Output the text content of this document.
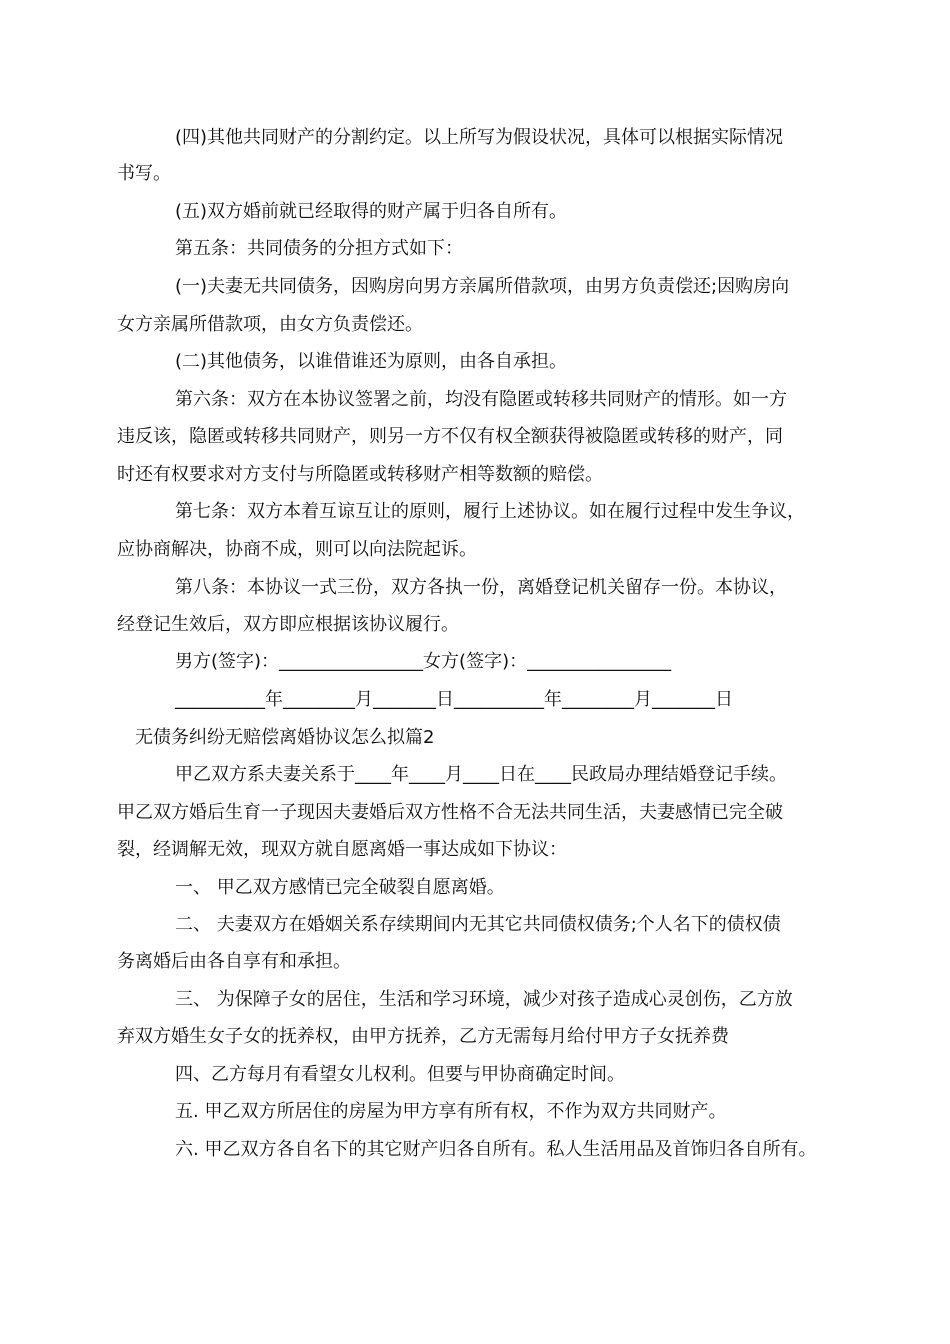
(四)其他共同财产的分割约定。以上所写为假设状况，具体可以根据实际情况
书写。
(五)双方婚前就已经取得的财产属于归各自所有。
第五条：共同债务的分担方式如下：
(一)夫妻无共同债务，因购房向男方亲属所借款项，由男方负责偿还;因购房向
女方亲属所借款项，由女方负责偿还。
(二)其他债务，以谁借谁还为原则，由各自承担。
第六条：双方在本协议签署之前，均没有隐匿或转移共同财产的情形。如一方
违反该，隐匿或转移共同财产，则另一方不仅有权全额获得被隐匿或转移的财产，同
时还有权要求对方支付与所隐匿或转移财产相等数额的赔偿。
第七条：双方本着互谅互让的原则，履行上述协议。如在履行过程中发生争议，
应协商解决，协商不成，则可以向法院起诉。
第八条：本协议一式三份，双方各执一份，离婚登记机关留存一份。本协议，
经登记生效后，双方即应根据该协议履行。
男方(签字)：________________女方(签字)：________________
__________年________月_______日__________年________月_______日
无债务纠纷无赔偿离婚协议怎么拟篇2
甲乙双方系夫妻关系于____年____月____日在____民政局办理结婚登记手续。
甲乙双方婚后生育一子现因夫妻婚后双方性格不合无法共同生活，夫妻感情已完全破
裂，经调解无效，现双方就自愿离婚一事达成如下协议：
一、 甲乙双方感情已完全破裂自愿离婚。
二、 夫妻双方在婚姻关系存续期间内无其它共同债权债务;个人名下的债权债
务离婚后由各自享有和承担。
三、 为保障子女的居住，生活和学习环境，减少对孩子造成心灵创伤，乙方放
弃双方婚生女子女的抚养权，由甲方抚养，乙方无需每月给付甲方子女抚养费
四、乙方每月有看望女儿权利。但要与甲协商确定时间。
五. 甲乙双方所居住的房屋为甲方享有所有权，不作为双方共同财产。
六. 甲乙双方各自名下的其它财产归各自所有。私人生活用品及首饰归各自所有。
